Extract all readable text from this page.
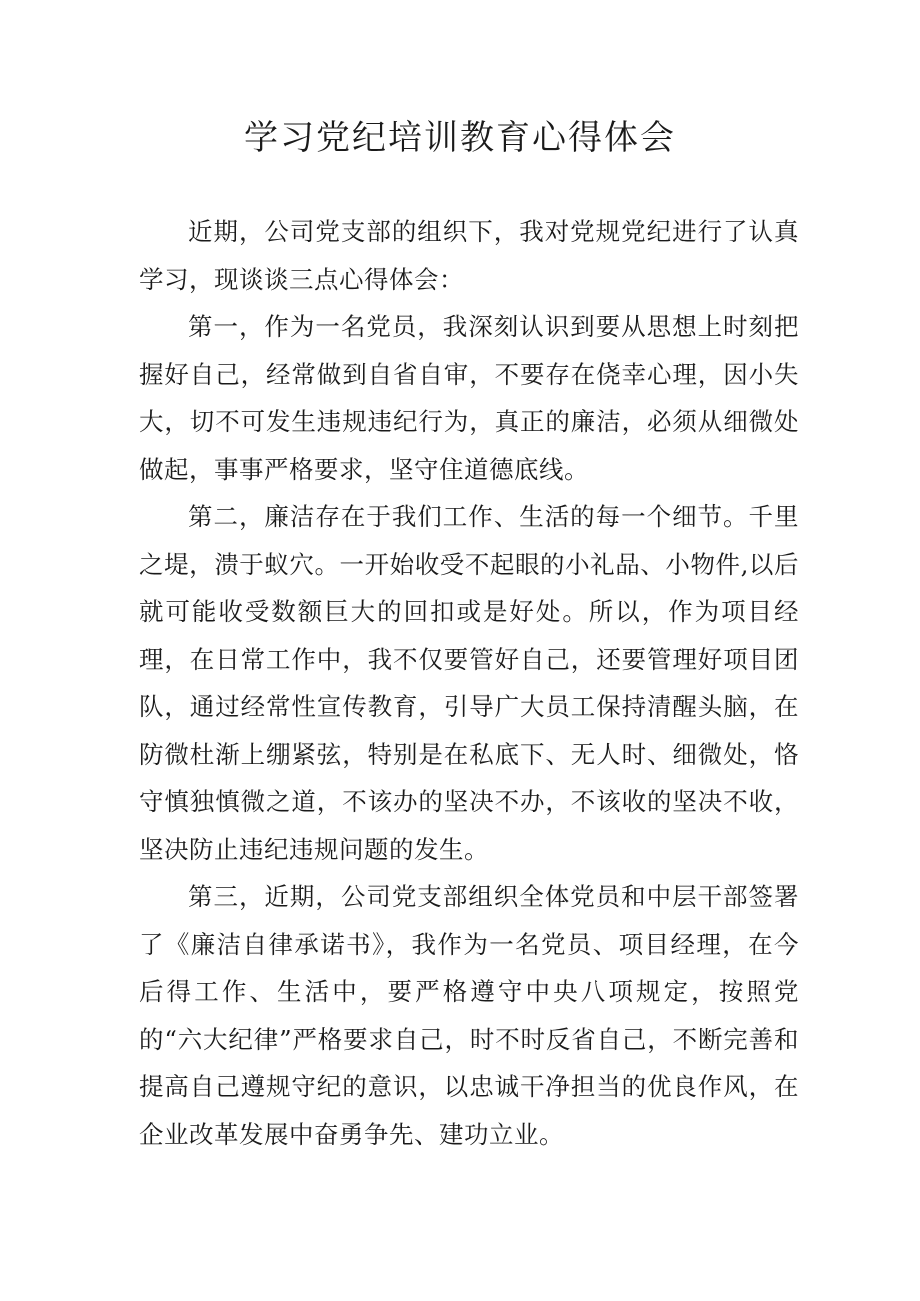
学习党纪培训教育心得体会

近期，公司党支部的组织下，我对党规党纪进行了认真学习，现谈谈三点心得体会：

第一，作为一名党员，我深刻认识到要从思想上时刻把握好自己，经常做到自省自审，不要存在侥幸心理，因小失大，切不可发生违规违纪行为，真正的廉洁，必须从细微处做起，事事严格要求，坚守住道德底线。

第二，廉洁存在于我们工作、生活的每一个细节。千里之堤，溃于蚁穴。一开始收受不起眼的小礼品、小物件,以后就可能收受数额巨大的回扣或是好处。所以，作为项目经理，在日常工作中，我不仅要管好自己，还要管理好项目团队，通过经常性宣传教育，引导广大员工保持清醒头脑，在防微杜渐上绷紧弦，特别是在私底下、无人时、细微处，恪守慎独慎微之道，不该办的坚决不办，不该收的坚决不收，坚决防止违纪违规问题的发生。

第三，近期，公司党支部组织全体党员和中层干部签署了《廉洁自律承诺书》，我作为一名党员、项目经理，在今后得工作、生活中，要严格遵守中央八项规定，按照党的“六大纪律”严格要求自己，时不时反省自己，不断完善和提高自己遵规守纪的意识，以忠诚干净担当的优良作风，在企业改革发展中奋勇争先、建功立业。
